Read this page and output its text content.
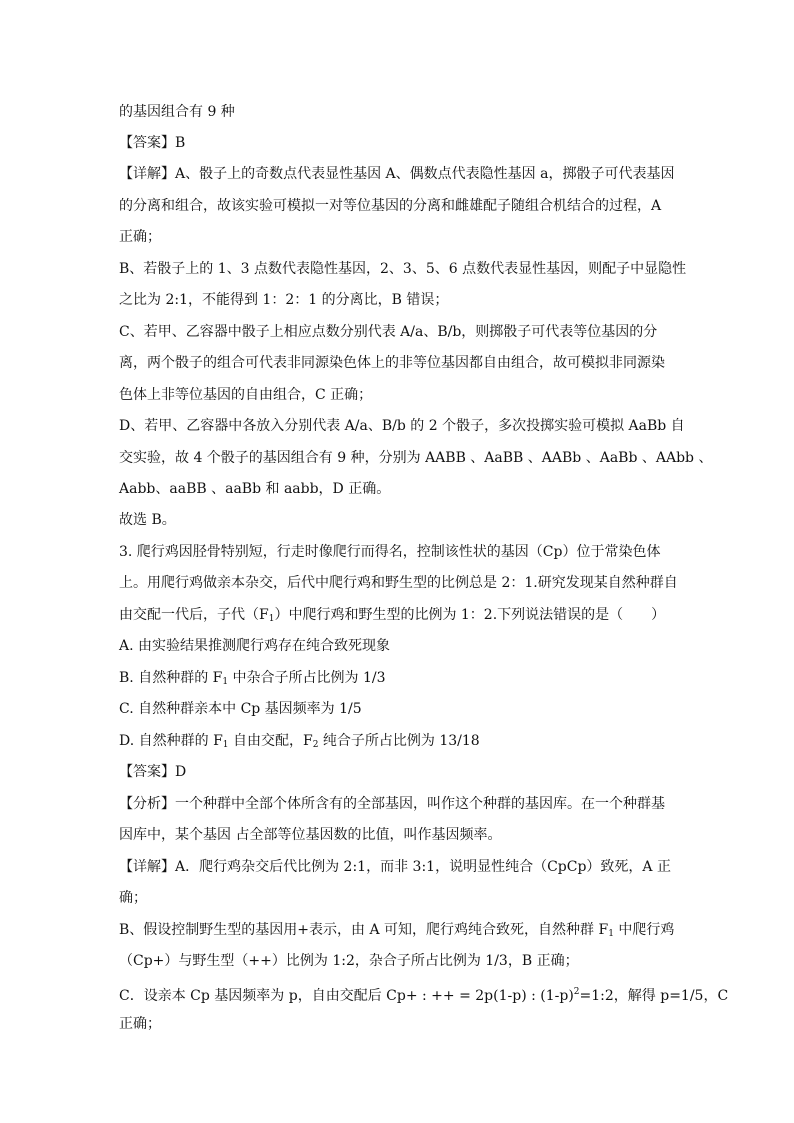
的基因组合有 9 种
【答案】B
【详解】A、骰子上的奇数点代表显性基因 A、偶数点代表隐性基因 a，掷骰子可代表基因
的分离和组合，故该实验可模拟一对等位基因的分离和雌雄配子随组合机结合的过程，A
正确；
B、若骰子上的 1、3 点数代表隐性基因，2、3、5、6 点数代表显性基因，则配子中显隐性
之比为 2:1，不能得到 1：2：1 的分离比，B 错误；
C、若甲、乙容器中骰子上相应点数分别代表 A/a、B/b，则掷骰子可代表等位基因的分
离，两个骰子的组合可代表非同源染色体上的非等位基因都自由组合，故可模拟非同源染
色体上非等位基因的自由组合，C 正确；
D、若甲、乙容器中各放入分别代表 A/a、B/b 的 2 个骰子，多次投掷实验可模拟 AaBb 自
交实验，故 4 个骰子的基因组合有 9 种，分别为 AABB 、AaBB 、AABb 、AaBb 、AAbb 、
Aabb、aaBB 、aaBb 和 aabb，D 正确。
故选 B。
3. 爬行鸡因胫骨特别短，行走时像爬行而得名，控制该性状的基因（Cp）位于常染色体
上。用爬行鸡做亲本杂交，后代中爬行鸡和野生型的比例总是 2：1.研究发现某自然种群自
由交配一代后，子代$(F_1)$中爬行鸡和野生型的比例为 1：2.下列说法错误的是（　　）
A. 由实验结果推测爬行鸡存在纯合致死现象
B. 自然种群的 $F_1$ 中杂合子所占比例为 1/3
C. 自然种群亲本中 Cp 基因频率为 1/5
D. 自然种群的 $F_1$ 自由交配，$F_2$ 纯合子所占比例为 13/18
【答案】D
【分析】一个种群中全部个体所含有的全部基因，叫作这个种群的基因库。在一个种群基
因库中，某个基因 占全部等位基因数的比值，叫作基因频率。
【详解】A．爬行鸡杂交后代比例为 2:1，而非 3:1，说明显性纯合（CpCp）致死，A 正
确；
B、假设控制野生型的基因用+表示，由 A 可知，爬行鸡纯合致死，自然种群 $F_1$ 中爬行鸡
（Cp+）与野生型（++）比例为 1:2，杂合子所占比例为 1/3，B 正确；
C．设亲本 Cp 基因频率为 p，自由交配后 Cp+ : ++ = 2p(1-p) : $(1-p)^2=1:2$，解得 p=1/5，C
正确；
